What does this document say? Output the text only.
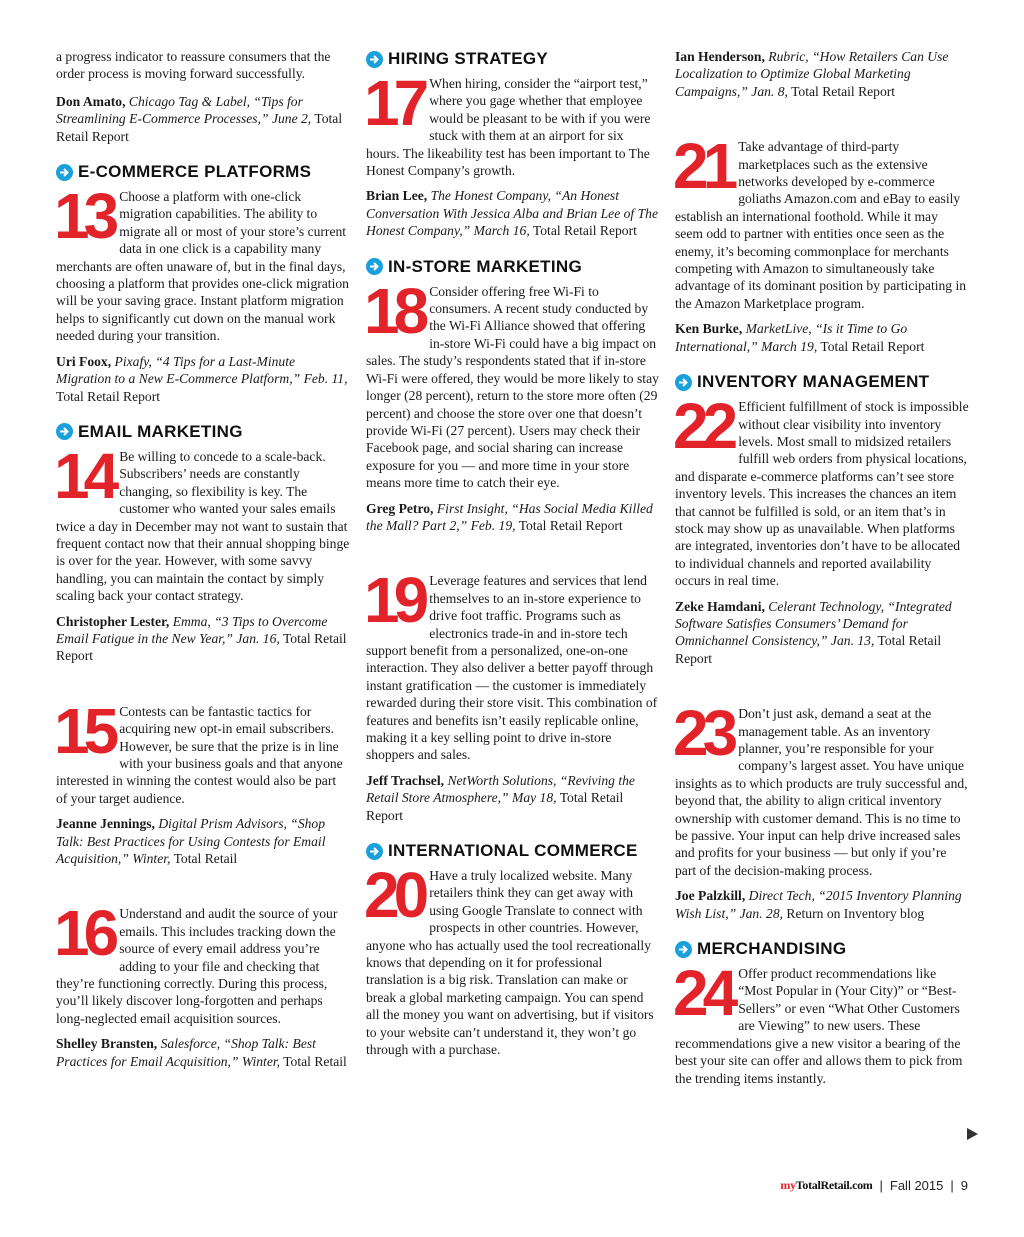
a progress indicator to reassure consumers that the order process is moving forward successfully.

Don Amato, Chicago Tag & Label, “Tips for Streamlining E-Commerce Processes,” June 2, Total Retail Report

E-COMMERCE PLATFORMS
13 Choose a platform with one-click migration capabilities. The ability to migrate all or most of your store’s current data in one click is a capability many merchants are often unaware of, but in the final days, choosing a platform that provides one-click migration will be your saving grace. Instant platform migration helps to significantly cut down on the manual work needed during your transition.

Uri Foox, Pixafy, “4 Tips for a Last-Minute Migration to a New E-Commerce Platform,” Feb. 11, Total Retail Report

EMAIL MARKETING
14 Be willing to concede to a scale-back. Subscribers’ needs are constantly changing, so flexibility is key. The customer who wanted your sales emails twice a day in December may not want to sustain that frequent contact now that their annual shopping binge is over for the year. However, with some savvy handling, you can maintain the contact by simply scaling back your contact strategy.

Christopher Lester, Emma, “3 Tips to Overcome Email Fatigue in the New Year,” Jan. 16, Total Retail Report

15 Contests can be fantastic tactics for acquiring new opt-in email subscribers. However, be sure that the prize is in line with your business goals and that anyone interested in winning the contest would also be part of your target audience.

Jeanne Jennings, Digital Prism Advisors, “Shop Talk: Best Practices for Using Contests for Email Acquisition,” Winter, Total Retail

16 Understand and audit the source of your emails. This includes tracking down the source of every email address you’re adding to your file and checking that they’re functioning correctly. During this process, you’ll likely discover long-forgotten and perhaps long-neglected email acquisition sources.

Shelley Bransten, Salesforce, “Shop Talk: Best Practices for Email Acquisition,” Winter, Total Retail

HIRING STRATEGY
17 When hiring, consider the “airport test,” where you gage whether that employee would be pleasant to be with if you were stuck with them at an airport for six hours. The likeability test has been important to The Honest Company’s growth.

Brian Lee, The Honest Company, “An Honest Conversation With Jessica Alba and Brian Lee of The Honest Company,” March 16, Total Retail Report

IN-STORE MARKETING
18 Consider offering free Wi-Fi to consumers. A recent study conducted by the Wi-Fi Alliance showed that offering in-store Wi-Fi could have a big impact on sales. The study’s respondents stated that if in-store Wi-Fi were offered, they would be more likely to stay longer (28 percent), return to the store more often (29 percent) and choose the store over one that doesn’t provide Wi-Fi (27 percent). Users may check their Facebook page, and social sharing can increase exposure for you — and more time in your store means more time to catch their eye.

Greg Petro, First Insight, “Has Social Media Killed the Mall? Part 2,” Feb. 19, Total Retail Report

19 Leverage features and services that lend themselves to an in-store experience to drive foot traffic. Programs such as electronics trade-in and in-store tech support benefit from a personalized, one-on-one interaction. They also deliver a better payoff through instant gratification — the customer is immediately rewarded during their store visit. This combination of features and benefits isn’t easily replicable online, making it a key selling point to drive in-store shoppers and sales.

Jeff Trachsel, NetWorth Solutions, “Reviving the Retail Store Atmosphere,” May 18, Total Retail Report

INTERNATIONAL COMMERCE
20 Have a truly localized website. Many retailers think they can get away with using Google Translate to connect with prospects in other countries. However, anyone who has actually used the tool recreationally knows that depending on it for professional translation is a big risk. Translation can make or break a global marketing campaign. You can spend all the money you want on advertising, but if visitors to your website can’t understand it, they won’t go through with a purchase.

Ian Henderson, Rubric, “How Retailers Can Use Localization to Optimize Global Marketing Campaigns,” Jan. 8, Total Retail Report

21 Take advantage of third-party marketplaces such as the extensive networks developed by e-commerce goliaths Amazon.com and eBay to easily establish an international foothold. While it may seem odd to partner with entities once seen as the enemy, it’s becoming commonplace for merchants competing with Amazon to simultaneously take advantage of its dominant position by participating in the Amazon Marketplace program.

Ken Burke, MarketLive, “Is it Time to Go International,” March 19, Total Retail Report

INVENTORY MANAGEMENT
22 Efficient fulfillment of stock is impossible without clear visibility into inventory levels. Most small to midsized retailers fulfill web orders from physical locations, and disparate e-commerce platforms can’t see store inventory levels. This increases the chances an item that cannot be fulfilled is sold, or an item that’s in stock may show up as unavailable. When platforms are integrated, inventories don’t have to be allocated to individual channels and reported availability occurs in real time.

Zeke Hamdani, Celerant Technology, “Integrated Software Satisfies Consumers’ Demand for Omnichannel Consistency,” Jan. 13, Total Retail Report

23 Don’t just ask, demand a seat at the management table. As an inventory planner, you’re responsible for your company’s largest asset. You have unique insights as to which products are truly successful and, beyond that, the ability to align critical inventory ownership with customer demand. This is no time to be passive. Your input can help drive increased sales and profits for your business — but only if you’re part of the decision-making process.

Joe Palzkill, Direct Tech, “2015 Inventory Planning Wish List,” Jan. 28, Return on Inventory blog

MERCHANDISING
24 Offer product recommendations like “Most Popular in (Your City)” or “Best-Sellers” or even “What Other Customers are Viewing” to new users. These recommendations give a new visitor a bearing of the best your site can offer and allows them to pick from the trending items instantly.

myTotalRetail.com | Fall 2015 | 9
